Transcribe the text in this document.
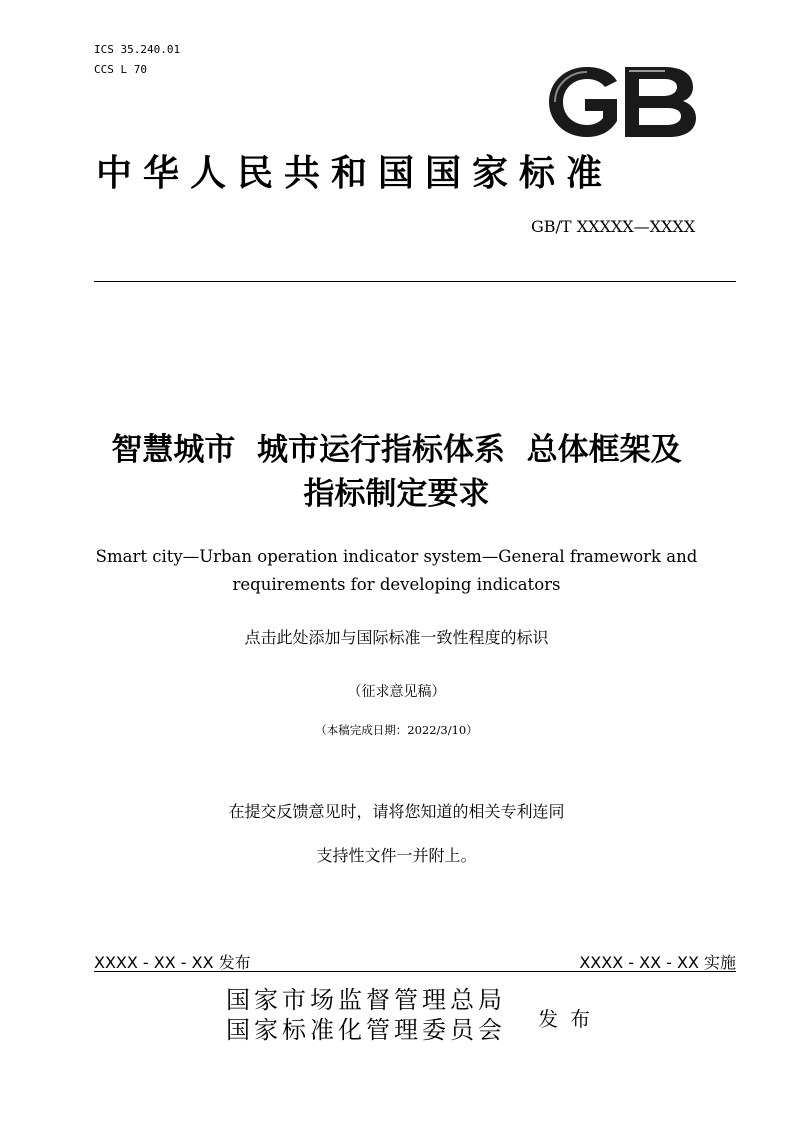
ICS 35.240.01
CCS L 70
中华人民共和国国家标准
GB/T XXXXX—XXXX
智慧城市  城市运行指标体系  总体框架及
指标制定要求
Smart city—Urban operation indicator system—General framework and
requirements for developing indicators
点击此处添加与国际标准一致性程度的标识
（征求意见稿）
（本稿完成日期：2022/3/10）
在提交反馈意见时，请将您知道的相关专利连同
支持性文件一并附上。
XXXX - XX - XX 发布	XXXX - XX - XX 实施
国家市场监督管理总局
国家标准化管理委员会 发布
